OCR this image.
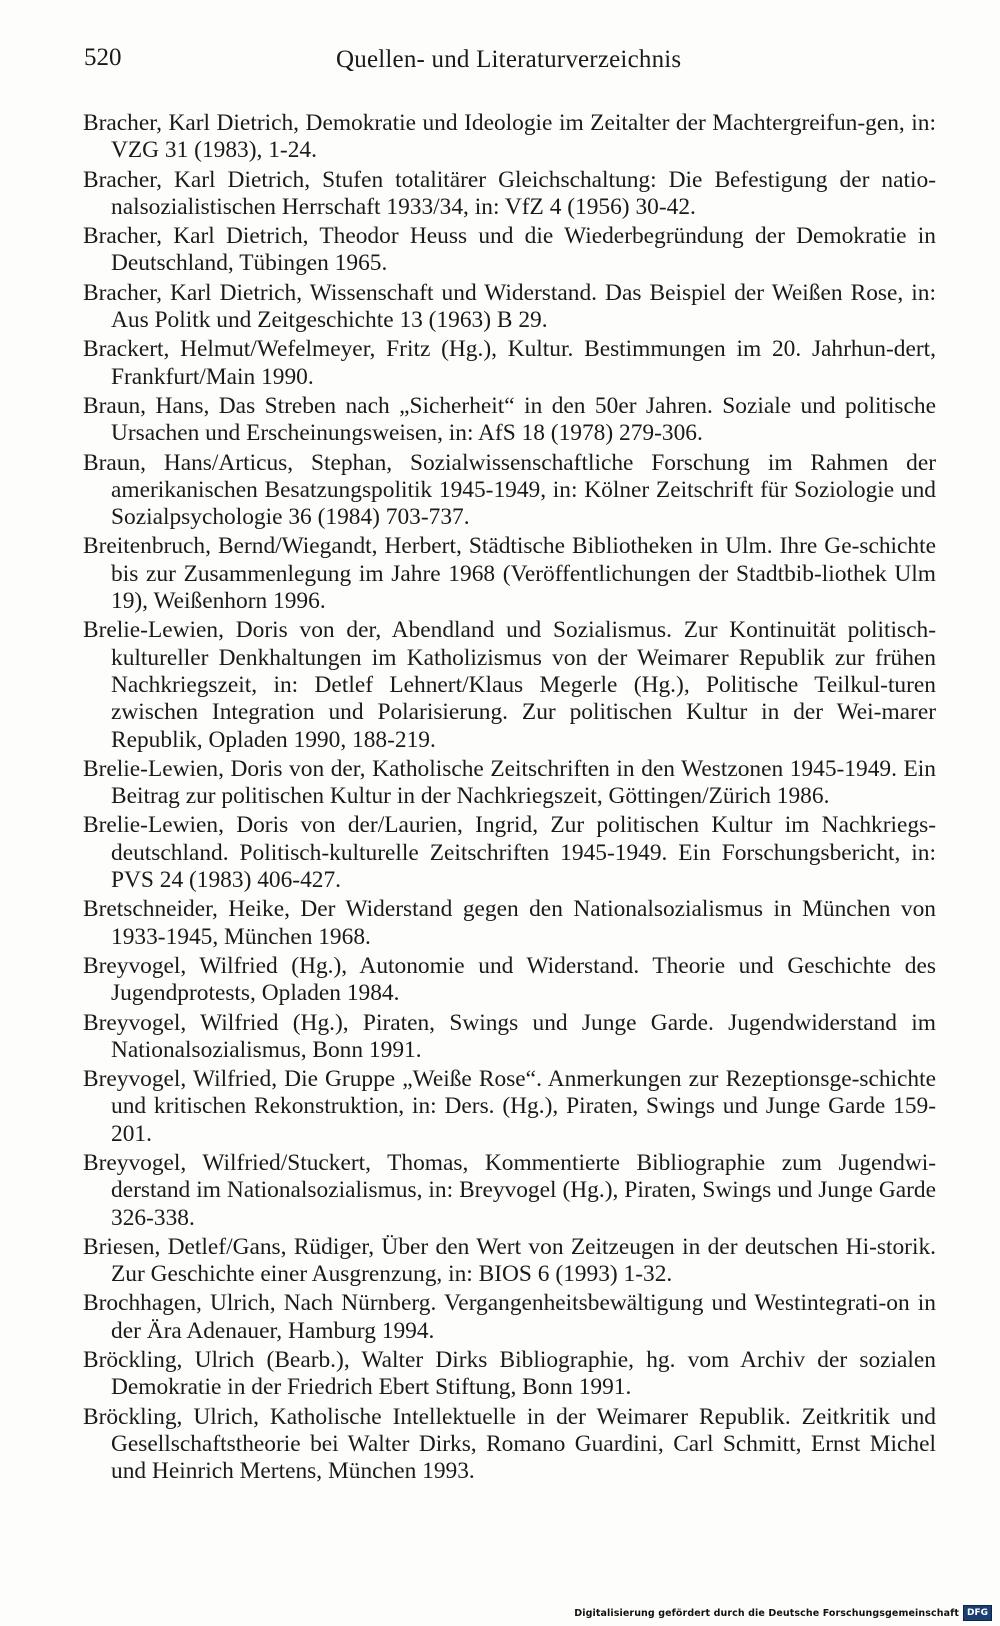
520	Quellen- und Literaturverzeichnis
Bracher, Karl Dietrich, Demokratie und Ideologie im Zeitalter der Machtergreifun-gen, in: VZG 31 (1983), 1-24.
Bracher, Karl Dietrich, Stufen totalitärer Gleichschaltung: Die Befestigung der natio-nalsozialistischen Herrschaft 1933/34, in: VfZ 4 (1956) 30-42.
Bracher, Karl Dietrich, Theodor Heuss und die Wiederbegründung der Demokratie in Deutschland, Tübingen 1965.
Bracher, Karl Dietrich, Wissenschaft und Widerstand. Das Beispiel der Weißen Rose, in: Aus Politk und Zeitgeschichte 13 (1963) B 29.
Brackert, Helmut/Wefelmeyer, Fritz (Hg.), Kultur. Bestimmungen im 20. Jahrhun-dert, Frankfurt/Main 1990.
Braun, Hans, Das Streben nach „Sicherheit“ in den 50er Jahren. Soziale und politische Ursachen und Erscheinungsweisen, in: AfS 18 (1978) 279-306.
Braun, Hans/Articus, Stephan, Sozialwissenschaftliche Forschung im Rahmen der amerikanischen Besatzungspolitik 1945-1949, in: Kölner Zeitschrift für Soziologie und Sozialpsychologie 36 (1984) 703-737.
Breitenbruch, Bernd/Wiegandt, Herbert, Städtische Bibliotheken in Ulm. Ihre Ge-schichte bis zur Zusammenlegung im Jahre 1968 (Veröffentlichungen der Stadtbib-liothek Ulm 19), Weißenhorn 1996.
Brelie-Lewien, Doris von der, Abendland und Sozialismus. Zur Kontinuität politisch-kultureller Denkhaltungen im Katholizismus von der Weimarer Republik zur frühen Nachkriegszeit, in: Detlef Lehnert/Klaus Megerle (Hg.), Politische Teilkul-turen zwischen Integration und Polarisierung. Zur politischen Kultur in der Wei-marer Republik, Opladen 1990, 188-219.
Brelie-Lewien, Doris von der, Katholische Zeitschriften in den Westzonen 1945-1949. Ein Beitrag zur politischen Kultur in der Nachkriegszeit, Göttingen/Zürich 1986.
Brelie-Lewien, Doris von der/Laurien, Ingrid, Zur politischen Kultur im Nachkriegs-deutschland. Politisch-kulturelle Zeitschriften 1945-1949. Ein Forschungsbericht, in: PVS 24 (1983) 406-427.
Bretschneider, Heike, Der Widerstand gegen den Nationalsozialismus in München von 1933-1945, München 1968.
Breyvogel, Wilfried (Hg.), Autonomie und Widerstand. Theorie und Geschichte des Jugendprotests, Opladen 1984.
Breyvogel, Wilfried (Hg.), Piraten, Swings und Junge Garde. Jugendwiderstand im Nationalsozialismus, Bonn 1991.
Breyvogel, Wilfried, Die Gruppe „Weiße Rose“. Anmerkungen zur Rezeptionsge-schichte und kritischen Rekonstruktion, in: Ders. (Hg.), Piraten, Swings und Junge Garde 159-201.
Breyvogel, Wilfried/Stuckert, Thomas, Kommentierte Bibliographie zum Jugendwi-derstand im Nationalsozialismus, in: Breyvogel (Hg.), Piraten, Swings und Junge Garde 326-338.
Briesen, Detlef/Gans, Rüdiger, Über den Wert von Zeitzeugen in der deutschen Hi-storik. Zur Geschichte einer Ausgrenzung, in: BIOS 6 (1993) 1-32.
Brochhagen, Ulrich, Nach Nürnberg. Vergangenheitsbewältigung und Westintegrati-on in der Ära Adenauer, Hamburg 1994.
Bröckling, Ulrich (Bearb.), Walter Dirks Bibliographie, hg. vom Archiv der sozialen Demokratie in der Friedrich Ebert Stiftung, Bonn 1991.
Bröckling, Ulrich, Katholische Intellektuelle in der Weimarer Republik. Zeitkritik und Gesellschaftstheorie bei Walter Dirks, Romano Guardini, Carl Schmitt, Ernst Michel und Heinrich Mertens, München 1993.
Digitalisierung gefördert durch die Deutsche Forschungsgemeinschaft DFG
